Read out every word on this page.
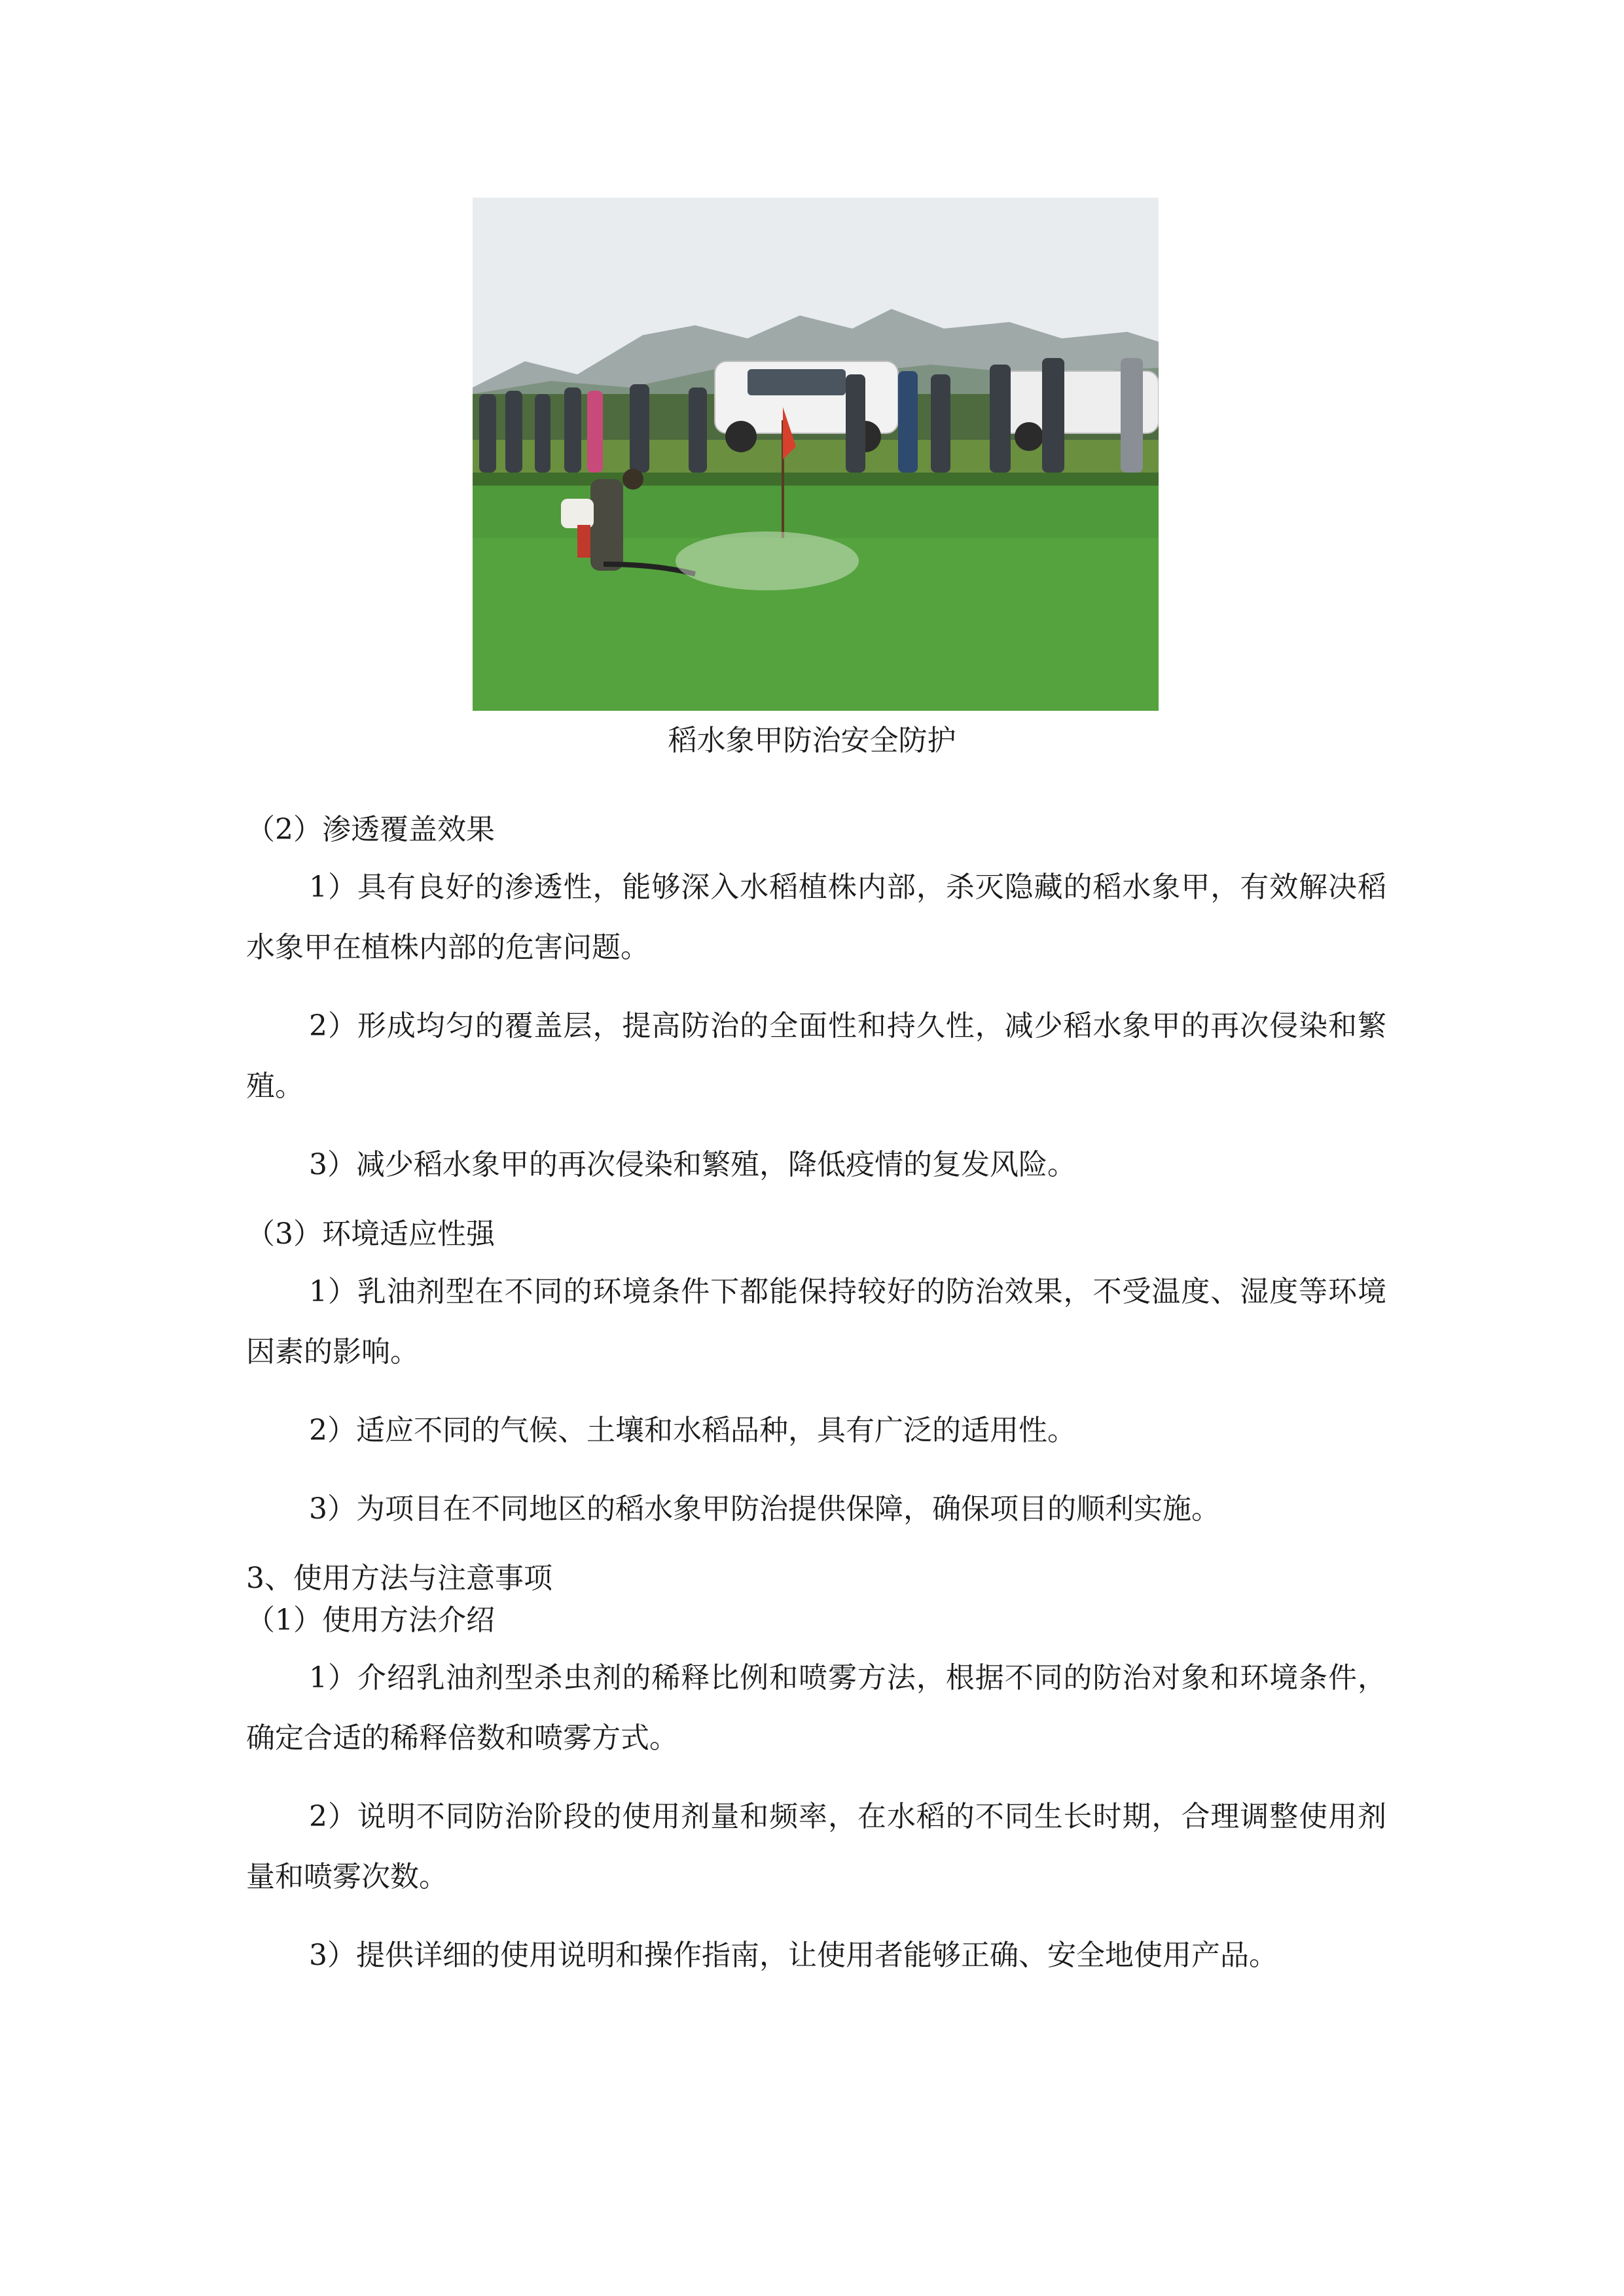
稻水象甲防治安全防护

（2）渗透覆盖效果

1）具有良好的渗透性，能够深入水稻植株内部，杀灭隐藏的稻水象甲，有效解决稻水象甲在植株内部的危害问题。

2）形成均匀的覆盖层，提高防治的全面性和持久性，减少稻水象甲的再次侵染和繁殖。

3）减少稻水象甲的再次侵染和繁殖，降低疫情的复发风险。

（3）环境适应性强

1）乳油剂型在不同的环境条件下都能保持较好的防治效果，不受温度、湿度等环境因素的影响。

2）适应不同的气候、土壤和水稻品种，具有广泛的适用性。

3）为项目在不同地区的稻水象甲防治提供保障，确保项目的顺利实施。

3、使用方法与注意事项

（1）使用方法介绍

1）介绍乳油剂型杀虫剂的稀释比例和喷雾方法，根据不同的防治对象和环境条件，确定合适的稀释倍数和喷雾方式。

2）说明不同防治阶段的使用剂量和频率，在水稻的不同生长时期，合理调整使用剂量和喷雾次数。

3）提供详细的使用说明和操作指南，让使用者能够正确、安全地使用产品。
